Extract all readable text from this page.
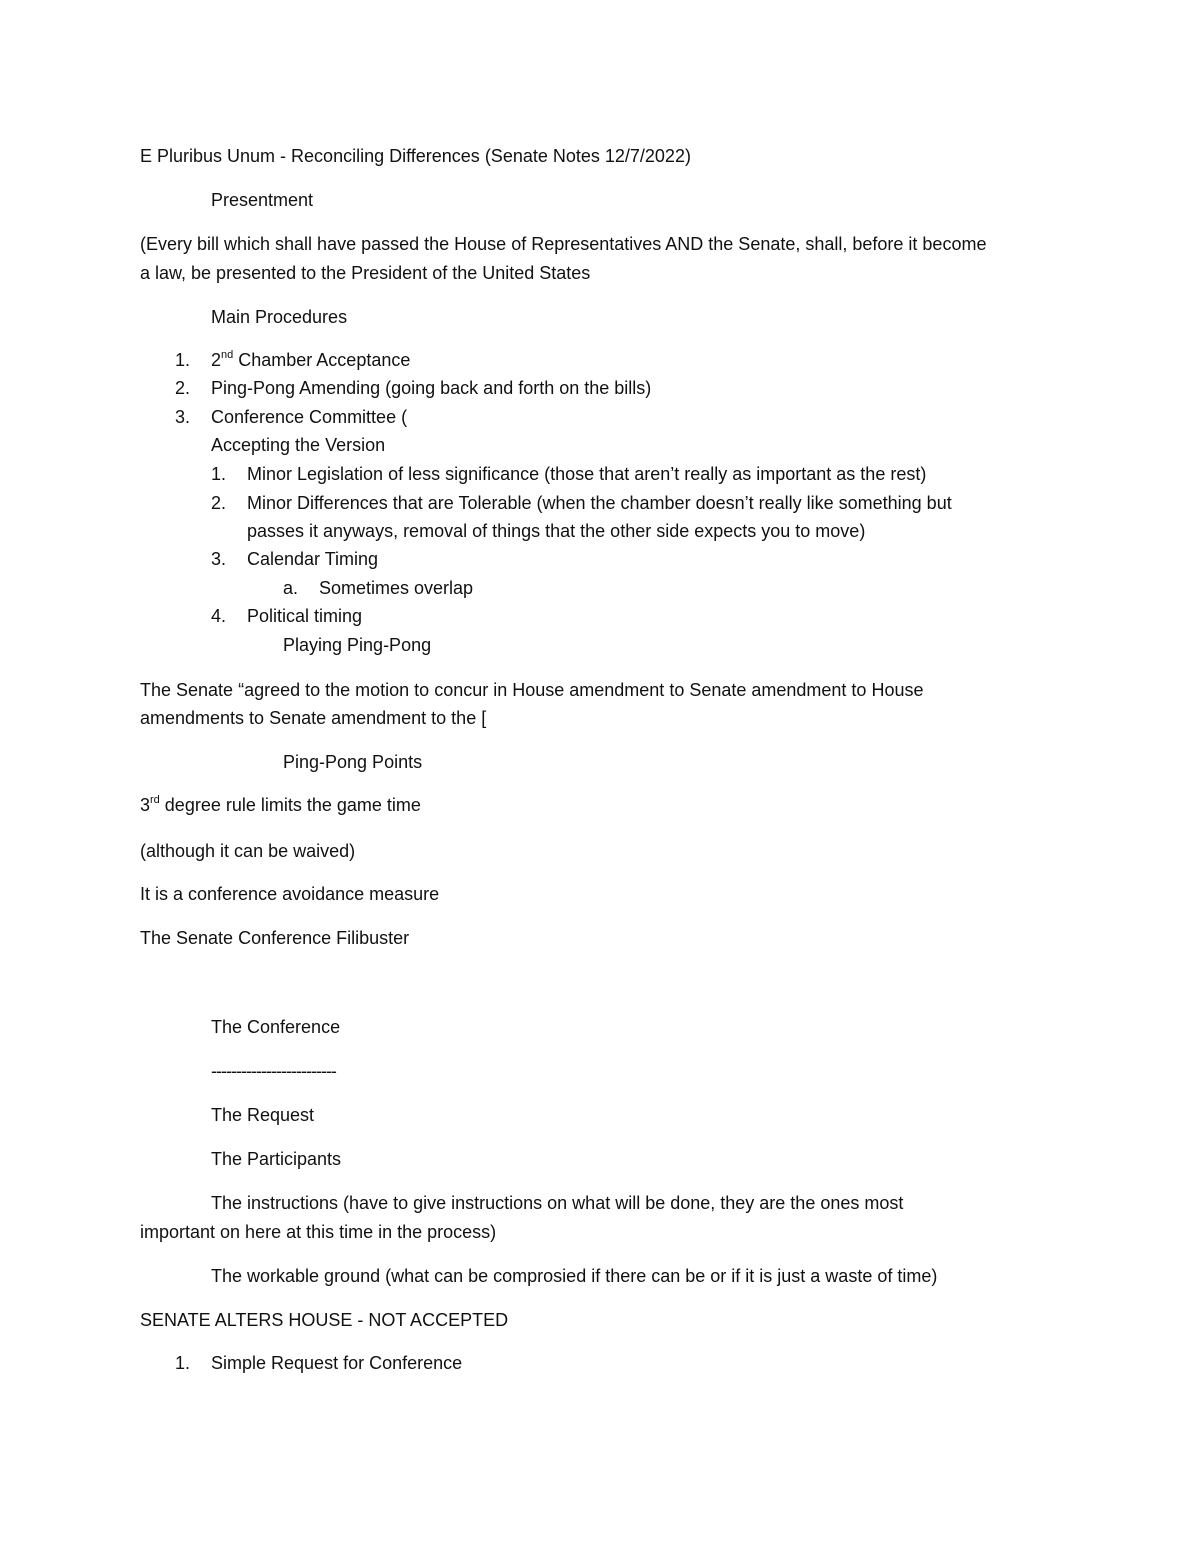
E Pluribus Unum - Reconciling Differences (Senate Notes 12/7/2022)

Presentment

(Every bill which shall have passed the House of Representatives AND the Senate, shall, before it become

a law, be presented to the President of the United States

Main Procedures

1. 2nd Chamber Acceptance
2. Ping-Pong Amending (going back and forth on the bills)
3. Conference Committee (

Accepting the Version

1. Minor Legislation of less significance (those that aren’t really as important as the rest)
2. Minor Differences that are Tolerable (when the chamber doesn’t really like something but
passes it anyways, removal of things that the other side expects you to move)
3. Calendar Timing
a. Sometimes overlap
4. Political timing

Playing Ping-Pong

The Senate “agreed to the motion to concur in House amendment to Senate amendment to House

amendments to Senate amendment to the [

Ping-Pong Points

3rd degree rule limits the game time

(although it can be waived)

It is a conference avoidance measure

The Senate Conference Filibuster

The Conference

-------------------------

The Request

The Participants

The instructions (have to give instructions on what will be done, they are the ones most

important on here at this time in the process)

The workable ground (what can be comprosied if there can be or if it is just a waste of time)

SENATE ALTERS HOUSE - NOT ACCEPTED

1. Simple Request for Conference
